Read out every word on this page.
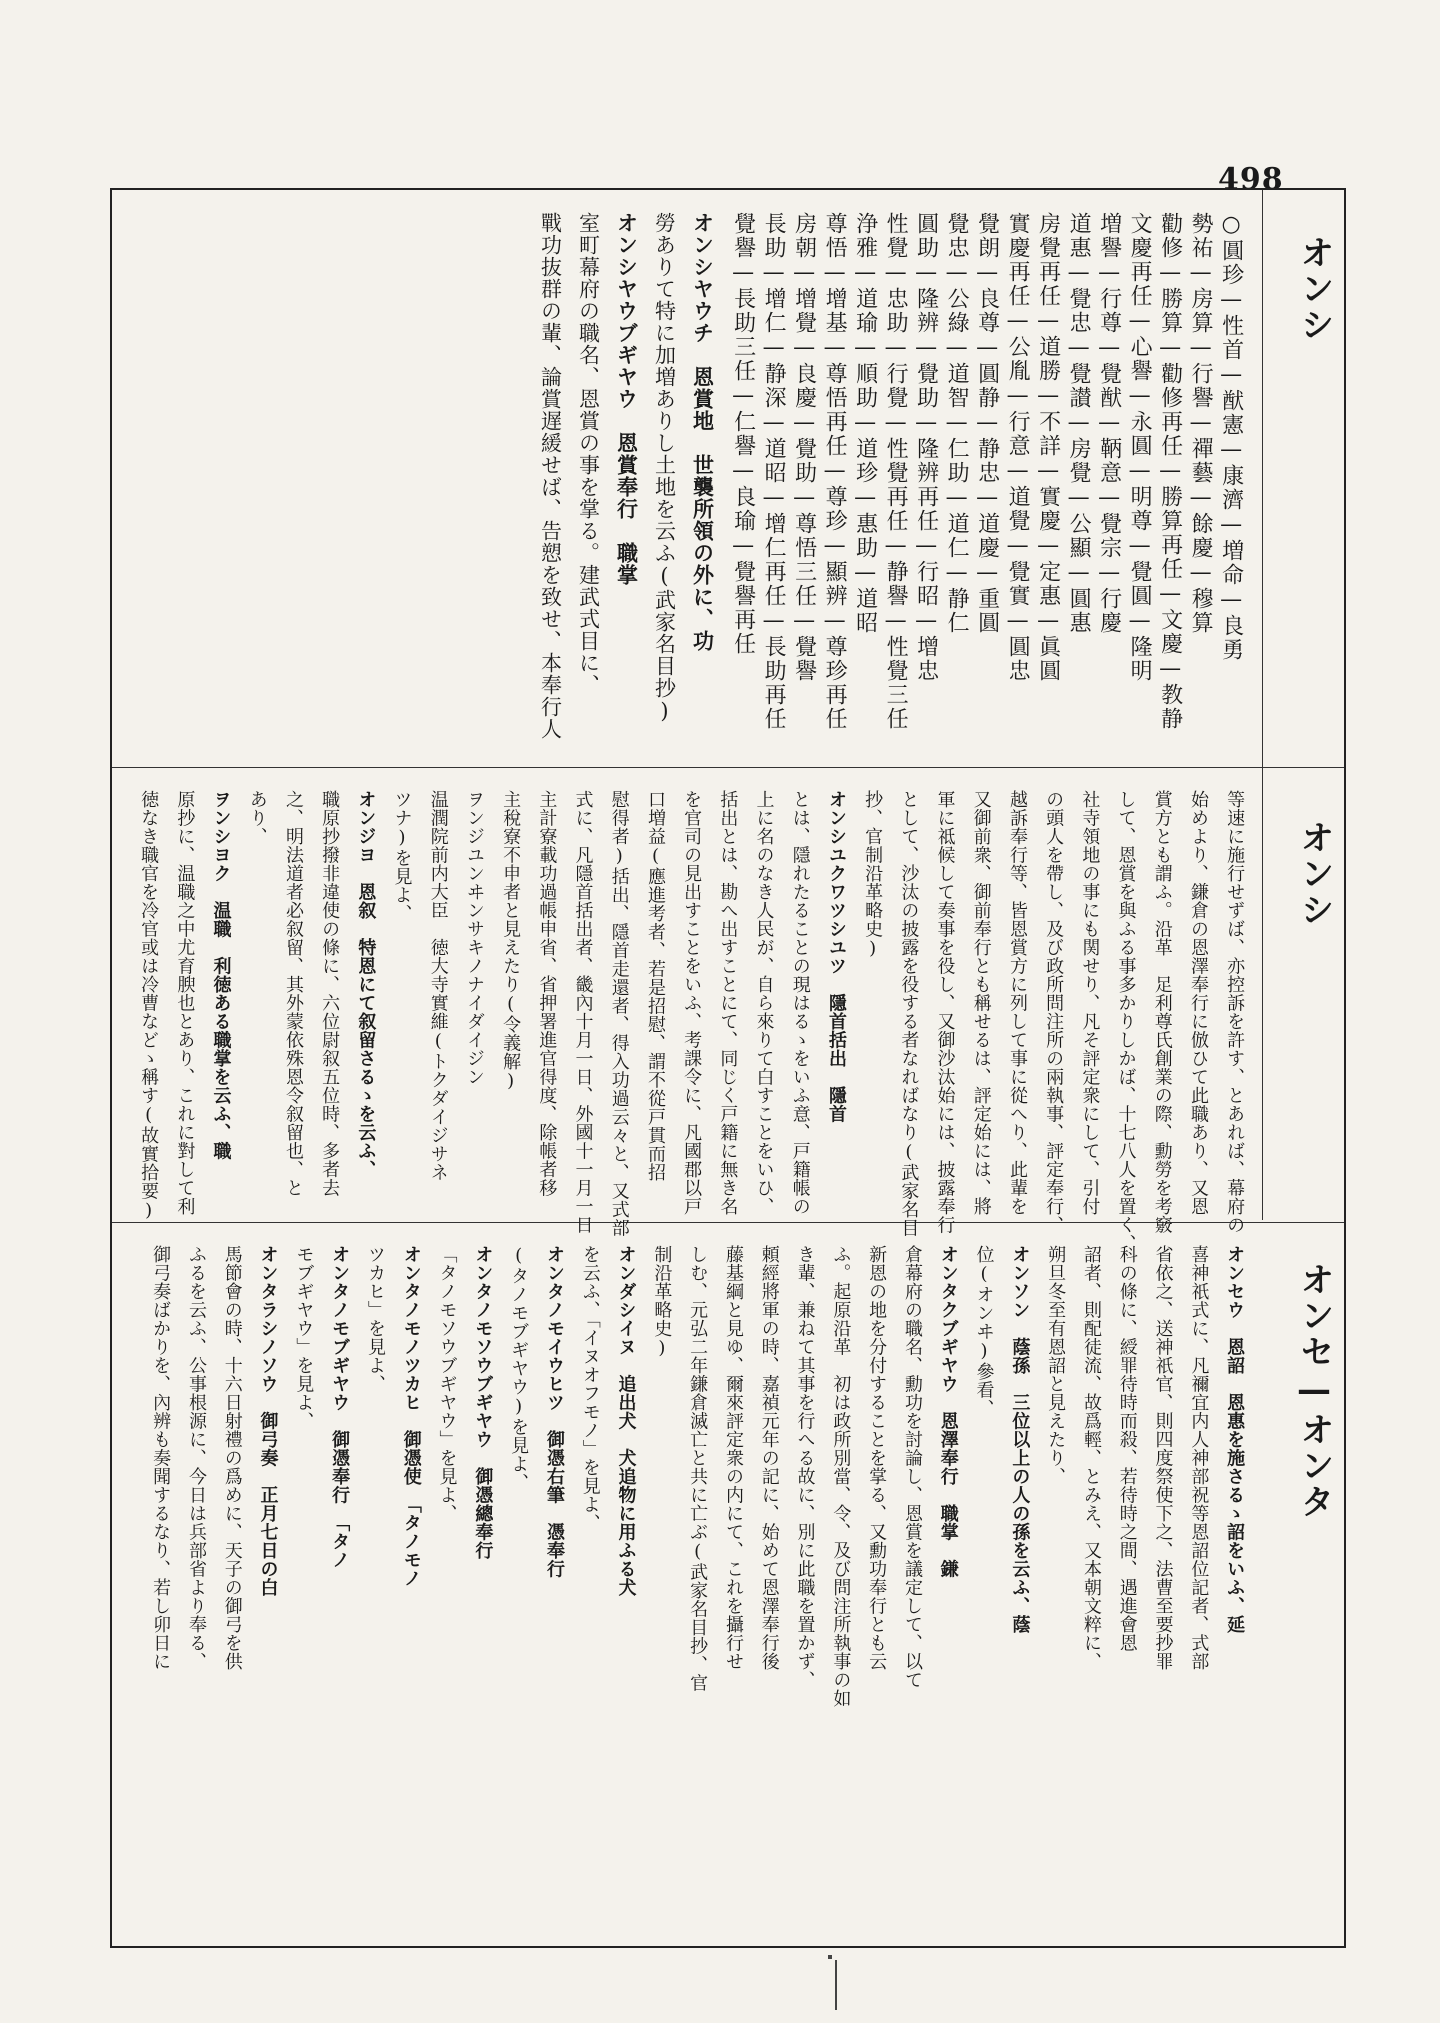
498
オンシ
オンシ
オンセ—オンタ
○圓珍—性首—猷憲—康濟—増命—良勇
勢祐—房算—行譽—禪藝—餘慶—穆算
勸修—勝算—勸修再任—勝算再任—文慶—教静
文慶再任—心譽—永圓—明尊—覺圓—隆明
増譽—行尊—覺猷—鞆意—覺宗—行慶
道惠—覺忠—覺讃—房覺—公顯—圓惠
房覺再任—道勝—不詳—實慶—定惠—眞圓
實慶再任—公胤—行意—道覺—覺實—圓忠
覺朗—良尊—圓静—静忠—道慶—重圓
覺忠—公綠—道智—仁助—道仁—静仁
圓助—隆辨—覺助—隆辨再任—行昭—增忠
性覺—忠助—行覺—性覺再任—静譽—性覺三任
浄雅—道瑜—順助—道珍—惠助—道昭
尊悟—增基—尊悟再任—尊珍—顯辨—尊珍再任
房朝—增覺—良慶—覺助—尊悟三任—覺譽
長助—增仁—静深—道昭—增仁再任—長助再任
覺譽—長助三任—仁譽—良瑜—覺譽再任
オンシヤウチ　恩賞地　世襲所領の外に、功
勞ありて特に加増ありし土地を云ふ(武家名目抄)
オンシヤウブギヤウ　恩賞奉行　職掌
室町幕府の職名、恩賞の事を掌る。建武式目に、
戰功抜群の輩、論賞遅緩せば、告愬を致せ、本奉行人
等速に施行せずば、亦控訴を許す、とあれば、幕府の
始めより、鎌倉の恩澤奉行に倣ひて此職あり、又恩
賞方とも謂ふ。沿革　足利尊氏創業の際、勳勞を考竅
して、恩賞を與ふる事多かりしかば、十七八人を置く、
社寺領地の事にも関せり、凡そ評定衆にして、引付
の頭人を帶し、及び政所問注所の兩執事、評定奉行、
越訴奉行等、皆恩賞方に列して事に從へり、此輩を
又御前衆、御前奉行とも稱せるは、評定始には、將
軍に祗候して奏事を役し、又御沙汰始には、披露奉行
として、沙汰の披露を役する者なればなり(武家名目
抄、官制沿革略史)
オンシユクワツシユツ　隱首括出　隱首
とは、隱れたることの現はるゝをいふ意、戸籍帳の
上に名のなき人民が、自ら來りて白すことをいひ、
括出とは、勘へ出すことにて、同じく戸籍に無き名
を官司の見出すことをいふ、考課令に、凡國郡以戸
口増益(應進考者、若是招慰、謂不從戸貫而招
慰得者)括出、隱首走還者、得入功過云々と、又式部
式に、凡隱首括出者、畿內十月一日、外國十一月一日
主計寮載功過帳申省、省押署進官得度、除帳者移
主稅寮不申者と見えたり(令義解)
ヲンジユンヰンサキノナイダイジン
温潤院前内大臣　徳大寺實維(トクダイジサネ
ツナ)を見よ、
オンジヨ　恩叙　特恩にて叙留さるゝを云ふ、
職原抄撥非違使の條に、六位尉叙五位時、多者去
之、明法道者必叙留、其外蒙依殊恩令叙留也、と
あり、
ヲンシヨク　温職　利徳ある職掌を云ふ、職
原抄に、温職之中尤育腴也とあり、これに對して利
徳なき職官を冷官或は冷曹などゝ稱す(故實拾要)
オンセウ　恩詔　恩惠を施さるゝ詔をいふ、延
喜神祇式に、凡禰宜内人神部祝等恩詔位記者、式部
省依之、送神祇官、則四度祭使下之、法曹至要抄罪
科の條に、綬罪待時而殺、若待時之間、遇進會恩
詔者、則配徒流、故爲輕、とみえ、又本朝文粹に、
朔旦冬至有恩詔と見えたり、
オンソン　蔭孫　三位以上の人の孫を云ふ、蔭
位(オンヰ)參看、
オンタクブギヤウ　恩澤奉行　職掌　鎌
倉幕府の職名、勳功を討論し、恩賞を議定して、以て
新恩の地を分付することを掌る、又勳功奉行とも云
ふ。起原沿革　初は政所別當、令、及び問注所執事の如
き輩、兼ねて其事を行へる故に、別に此職を置かず、
頼經將軍の時、嘉禎元年の記に、始めて恩澤奉行後
藤基綱と見ゆ、爾來評定衆の内にて、これを攝行せ
しむ、元弘二年鎌倉滅亡と共に亡ぶ(武家名目抄、官
制沿革略史)
オンダシイヌ　追出犬　犬追物に用ふる犬
を云ふ、「イヌオフモノ」を見よ、
オンタノモイウヒツ　御憑右筆　憑奉行
(タノモブギヤウ)を見よ、
オンタノモソウブギヤウ　御憑總奉行
「タノモソウブギヤウ」を見よ、
オンタノモノツカヒ　御憑使　「タノモノ
ツカヒ」を見よ、
オンタノモブギヤウ　御憑奉行　「タノ
モブギヤウ」を見よ、
オンタラシノソウ　御弓奏　正月七日の白
馬節會の時、十六日射禮の爲めに、天子の御弓を供
ふるを云ふ、公事根源に、今日は兵部省より奉る、
御弓奏ばかりを、內辨も奏聞するなり、若し卯日に
